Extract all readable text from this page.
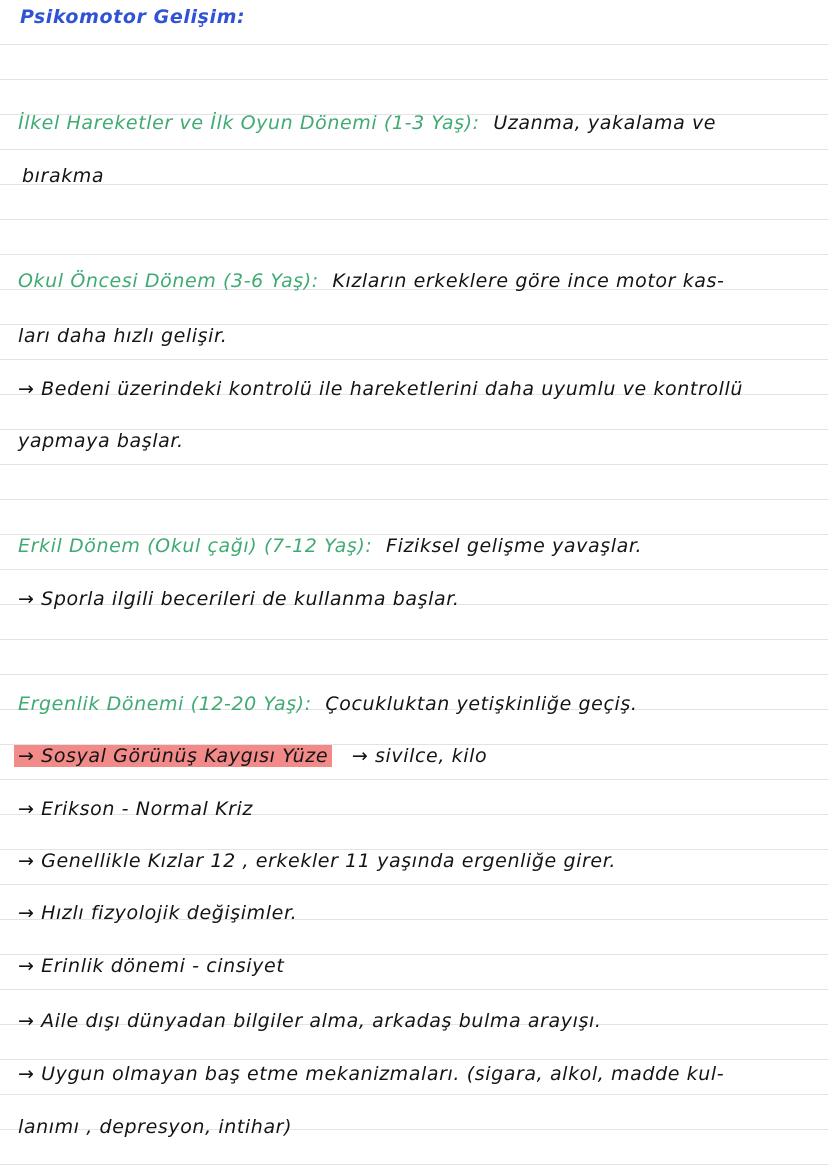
Psikomotor Gelişim:
İlkel Hareketler ve İlk Oyun Dönemi (1-3 Yaş): Uzanma, yakalama ve
bırakma
Okul Öncesi Dönem (3-6 Yaş): Kızların erkeklere göre ince motor kas-
ları daha hızlı gelişir.
→ Bedeni üzerindeki kontrolü ile hareketlerini daha uyumlu ve kontrollü
yapmaya başlar.
Erkil Dönem (Okul çağı) (7-12 Yaş): Fiziksel gelişme yavaşlar.
→ Sporla ilgili becerileri de kullanma başlar.
Ergenlik Dönemi (12-20 Yaş): Çocukluktan yetişkinliğe geçiş.
→ Sosyal Görünüş Kaygısı Yüze → sivilce, kilo
→ Erikson - Normal Kriz
→ Genellikle Kızlar 12 , erkekler 11 yaşında ergenliğe girer.
→ Hızlı fizyolojik değişimler.
→ Erinlik dönemi - cinsiyet
→ Aile dışı dünyadan bilgiler alma, arkadaş bulma arayışı.
→ Uygun olmayan baş etme mekanizmaları. (sigara, alkol, madde kul-
lanımı , depresyon, intihar)
